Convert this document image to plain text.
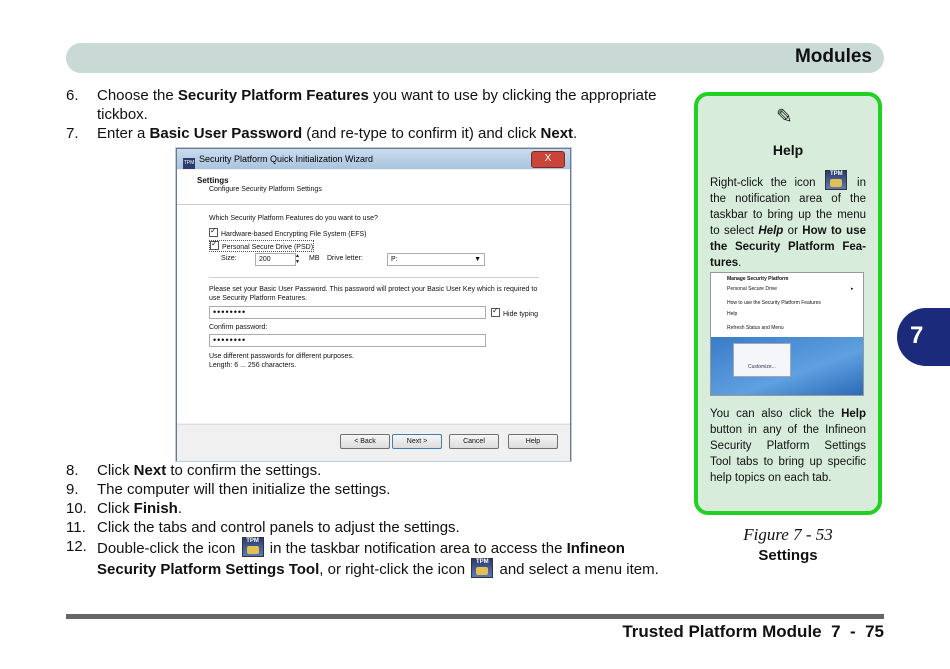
Modules
7
6. Choose the Security Platform Features you want to use by clicking the appropriate tickbox.
7. Enter a Basic User Password (and re-type to confirm it) and click Next.
8. Click Next to confirm the settings.
9. The computer will then initialize the settings.
10. Click Finish.
11. Click the tabs and control panels to adjust the settings.
12. Double-click the icon	TPM in the taskbar notification area to access the Infineon Security Platform Settings Tool, or right-click the icon	TPM and select a menu item.
TPM Security Platform Quick Initialization Wizard	X
Settings
Configure Security Platform Settings
Which Security Platform Features do you want to use?
✓Hardware-based Encrypting File System (EFS)
✓Personal Secure Drive (PSD)
Size:	200	▲
▼ MB Drive letter:	P:	▼
Please set your Basic User Password. This password will protect your Basic User Key which is required to use Security Platform Features.
••••••••
✓	Hide typing
Confirm password:
••••••••
Use different passwords for different purposes.
Length: 6 ... 256 characters.
< Back	Next >	Cancel	Help
✎
Help
Right-click the icon
TPM
in the notification area of the taskbar to bring up the menu to select Help or How to use the Security Platform Fea-tures.
Manage Security Platform
Personal Secure Drive	▸
How to use the Security Platform Features
Help
Refresh Status and Menu
Customize...
You can also click the Help button in any of the Infineon Security Platform Settings Tool tabs to bring up specific help topics on each tab.
Figure 7 - 53
Settings
Trusted Platform Module  7  -  75
